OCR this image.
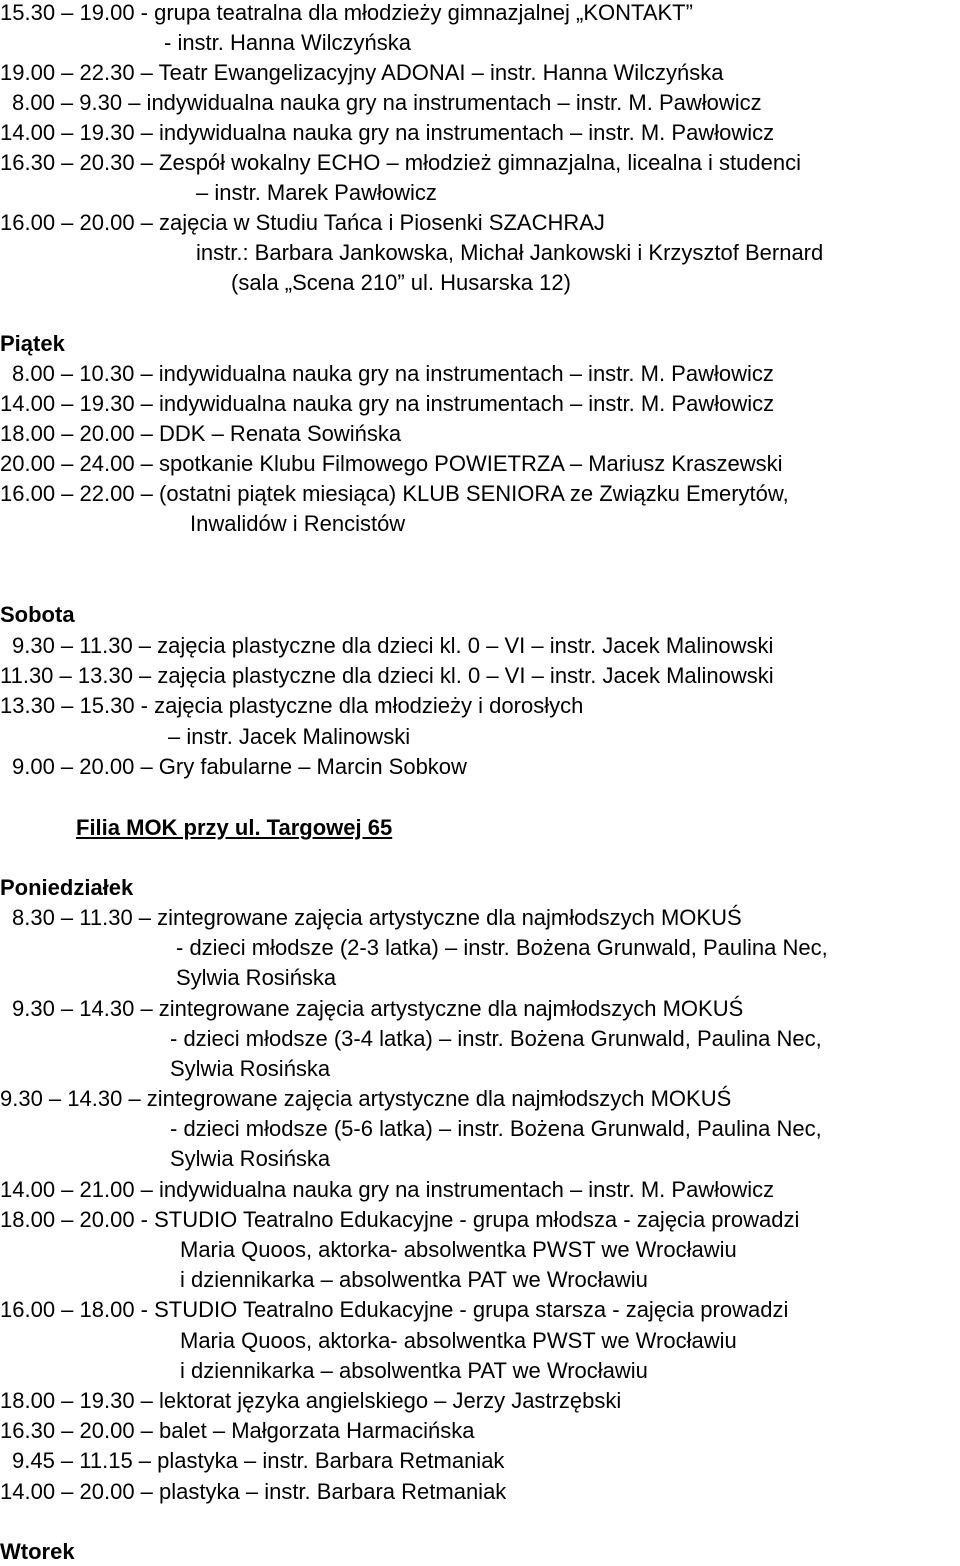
15.30 – 19.00 - grupa teatralna dla młodzieży gimnazjalnej „KONTAKT”
- instr. Hanna Wilczyńska
19.00 – 22.30 – Teatr Ewangelizacyjny ADONAI – instr. Hanna Wilczyńska
8.00 – 9.30 – indywidualna nauka gry na instrumentach – instr. M. Pawłowicz
14.00 – 19.30 – indywidualna nauka gry na instrumentach – instr. M. Pawłowicz
16.30 – 20.30 – Zespół wokalny ECHO – młodzież gimnazjalna, licealna i studenci
– instr. Marek Pawłowicz
16.00 – 20.00 – zajęcia w Studiu Tańca i Piosenki SZACHRAJ
instr.: Barbara Jankowska, Michał Jankowski i Krzysztof Bernard
(sala „Scena 210” ul. Husarska 12)
Piątek
8.00 – 10.30 – indywidualna nauka gry na instrumentach – instr. M. Pawłowicz
14.00 – 19.30 – indywidualna nauka gry na instrumentach – instr. M. Pawłowicz
18.00 – 20.00 – DDK – Renata Sowińska
20.00 – 24.00 – spotkanie Klubu Filmowego POWIETRZA – Mariusz Kraszewski
16.00 – 22.00 – (ostatni piątek miesiąca) KLUB SENIORA ze Związku Emerytów,
Inwalidów i Rencistów
Sobota
9.30 – 11.30 – zajęcia plastyczne dla dzieci kl. 0 – VI – instr. Jacek Malinowski
11.30 – 13.30 – zajęcia plastyczne dla dzieci kl. 0 – VI – instr. Jacek Malinowski
13.30 – 15.30 - zajęcia plastyczne dla młodzieży i dorosłych
– instr. Jacek Malinowski
9.00 – 20.00 – Gry fabularne – Marcin Sobkow
Filia MOK przy ul. Targowej 65
Poniedziałek
8.30 – 11.30 – zintegrowane zajęcia artystyczne dla najmłodszych MOKUŚ
- dzieci młodsze (2-3 latka) – instr. Bożena Grunwald, Paulina Nec,
Sylwia Rosińska
9.30 – 14.30 – zintegrowane zajęcia artystyczne dla najmłodszych MOKUŚ
- dzieci młodsze (3-4 latka) – instr. Bożena Grunwald, Paulina Nec,
Sylwia Rosińska
9.30 – 14.30 – zintegrowane zajęcia artystyczne dla najmłodszych MOKUŚ
- dzieci młodsze (5-6 latka) – instr. Bożena Grunwald, Paulina Nec,
Sylwia Rosińska
14.00 – 21.00 – indywidualna nauka gry na instrumentach – instr. M. Pawłowicz
18.00 – 20.00 - STUDIO Teatralno Edukacyjne - grupa młodsza - zajęcia prowadzi
Maria Quoos, aktorka- absolwentka PWST we Wrocławiu
i dziennikarka – absolwentka PAT we Wrocławiu
16.00 – 18.00 - STUDIO Teatralno Edukacyjne - grupa starsza - zajęcia prowadzi
Maria Quoos, aktorka- absolwentka PWST we Wrocławiu
i dziennikarka – absolwentka PAT we Wrocławiu
18.00 – 19.30 – lektorat języka angielskiego – Jerzy Jastrzębski
16.30 – 20.00 – balet – Małgorzata Harmacińska
9.45 – 11.15 – plastyka – instr. Barbara Retmaniak
14.00 – 20.00 – plastyka – instr. Barbara Retmaniak
Wtorek
